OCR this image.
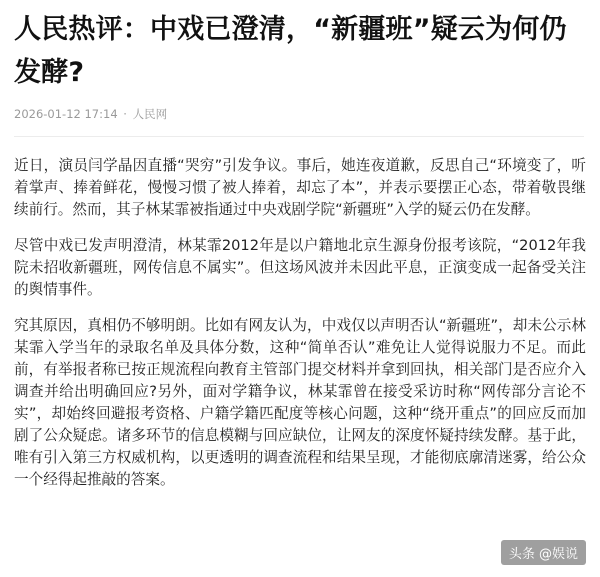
人民热评：中戏已澄清，“新疆班”疑云为何仍发酵?
2026-01-12 17:14 · 人民网

近日，演员闫学晶因直播“哭穷”引发争议。事后，她连夜道歉，反思自己“环境变了，听着掌声、捧着鲜花，慢慢习惯了被人捧着，却忘了本”，并表示要摆正心态，带着敬畏继续前行。然而，其子林某霏被指通过中央戏剧学院“新疆班”入学的疑云仍在发酵。

尽管中戏已发声明澄清，林某霏2012年是以户籍地北京生源身份报考该院，“2012年我院未招收新疆班，网传信息不属实”。但这场风波并未因此平息，正演变成一起备受关注的舆情事件。

究其原因，真相仍不够明朗。比如有网友认为，中戏仅以声明否认“新疆班”，却未公示林某霏入学当年的录取名单及具体分数，这种“简单否认”难免让人觉得说服力不足。而此前，有举报者称已按正规流程向教育主管部门提交材料并拿到回执，相关部门是否应介入调查并给出明确回应?另外，面对学籍争议，林某霏曾在接受采访时称“网传部分言论不实”，却始终回避报考资格、户籍学籍匹配度等核心问题，这种“绕开重点”的回应反而加剧了公众疑虑。诸多环节的信息模糊与回应缺位，让网友的深度怀疑持续发酵。基于此，唯有引入第三方权威机构，以更透明的调查流程和结果呈现，才能彻底廓清迷雾，给公众一个经得起推敲的答案。

头条 @娱说
